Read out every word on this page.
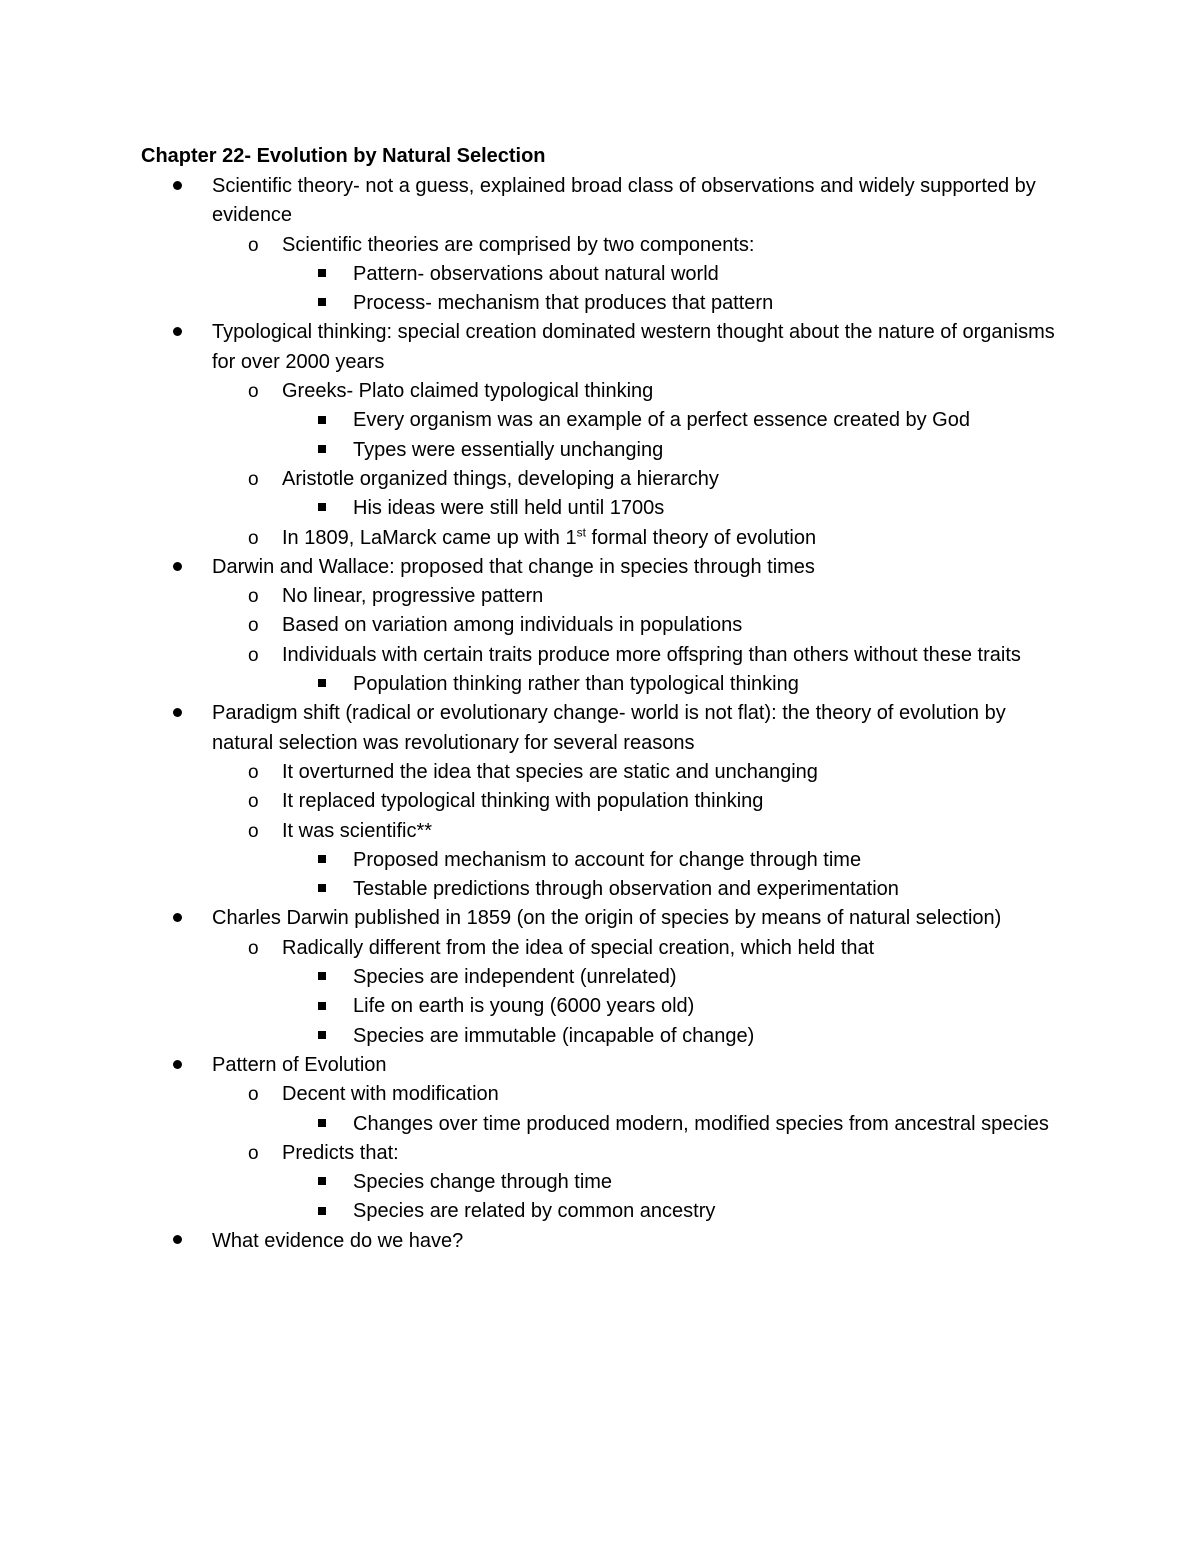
Chapter 22- Evolution by Natural Selection
Scientific theory- not a guess, explained broad class of observations and widely supported by evidence
o Scientific theories are comprised by two components:
Pattern- observations about natural world
Process- mechanism that produces that pattern
Typological thinking: special creation dominated western thought about the nature of organisms for over 2000 years
o Greeks- Plato claimed typological thinking
Every organism was an example of a perfect essence created by God
Types were essentially unchanging
o Aristotle organized things, developing a hierarchy
His ideas were still held until 1700s
o In 1809, LaMarck came up with 1st formal theory of evolution
Darwin and Wallace: proposed that change in species through times
o No linear, progressive pattern
o Based on variation among individuals in populations
o Individuals with certain traits produce more offspring than others without these traits
Population thinking rather than typological thinking
Paradigm shift (radical or evolutionary change- world is not flat): the theory of evolution by natural selection was revolutionary for several reasons
o It overturned the idea that species are static and unchanging
o It replaced typological thinking with population thinking
o It was scientific**
Proposed mechanism to account for change through time
Testable predictions through observation and experimentation
Charles Darwin published in 1859 (on the origin of species by means of natural selection)
o Radically different from the idea of special creation, which held that
Species are independent (unrelated)
Life on earth is young (6000 years old)
Species are immutable (incapable of change)
Pattern of Evolution
o Decent with modification
Changes over time produced modern, modified species from ancestral species
o Predicts that:
Species change through time
Species are related by common ancestry
What evidence do we have?
